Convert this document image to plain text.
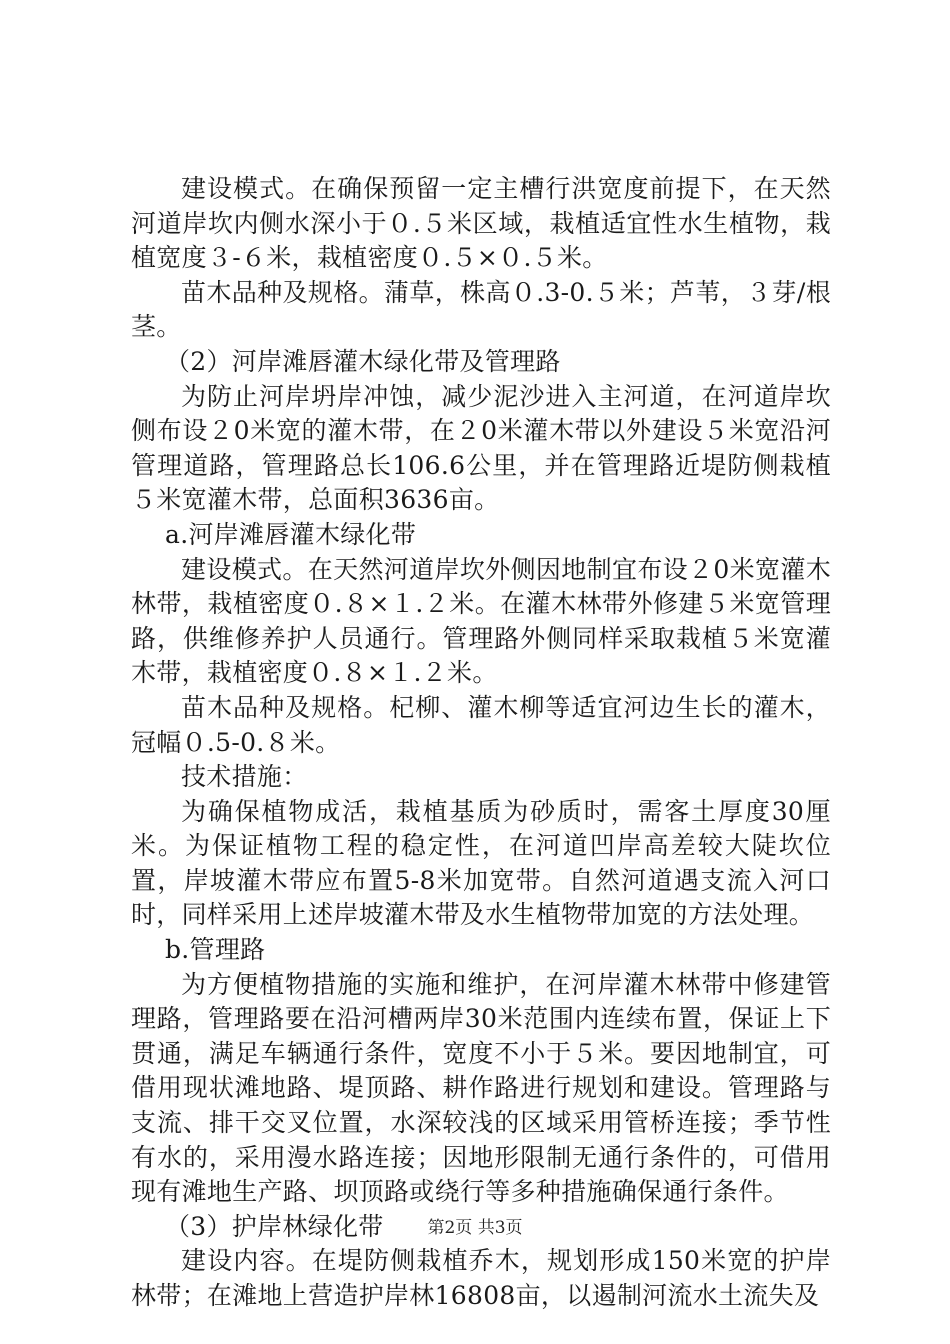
建设模式。在确保预留一定主槽行洪宽度前提下，在天然河道岸坎内侧水深小于０.５米区域，栽植适宜性水生植物，栽植宽度３-６米，栽植密度０.５×０.５米。

苗木品种及规格。蒲草，株高０.3-0.５米；芦苇，３芽/根茎。

（2）河岸滩唇灌木绿化带及管理路

为防止河岸坍岸冲蚀，减少泥沙进入主河道，在河道岸坎侧布设２0米宽的灌木带，在２0米灌木带以外建设５米宽沿河管理道路，管理路总长106.6公里，并在管理路近堤防侧栽植５米宽灌木带，总面积3636亩。

a.河岸滩唇灌木绿化带

建设模式。在天然河道岸坎外侧因地制宜布设２0米宽灌木林带，栽植密度０.８×１.２米。在灌木林带外修建５米宽管理路，供维修养护人员通行。管理路外侧同样采取栽植５米宽灌木带，栽植密度０.８×１.２米。

苗木品种及规格。杞柳、灌木柳等适宜河边生长的灌木，冠幅０.5-0.８米。

技术措施：

为确保植物成活，栽植基质为砂质时，需客土厚度30厘米。为保证植物工程的稳定性，在河道凹岸高差较大陡坎位置，岸坡灌木带应布置5-8米加宽带。自然河道遇支流入河口时，同样采用上述岸坡灌木带及水生植物带加宽的方法处理。

b.管理路

为方便植物措施的实施和维护，在河岸灌木林带中修建管理路，管理路要在沿河槽两岸30米范围内连续布置，保证上下贯通，满足车辆通行条件，宽度不小于５米。要因地制宜，可借用现状滩地路、堤顶路、耕作路进行规划和建设。管理路与支流、排干交叉位置，水深较浅的区域采用管桥连接；季节性有水的，采用漫水路连接；因地形限制无通行条件的，可借用现有滩地生产路、坝顶路或绕行等多种措施确保通行条件。

（3）护岸林绿化带

建设内容。在堤防侧栽植乔木，规划形成150米宽的护岸林带；在滩地上营造护岸林16808亩，以遏制河流水土流失及

第2页 共3页
